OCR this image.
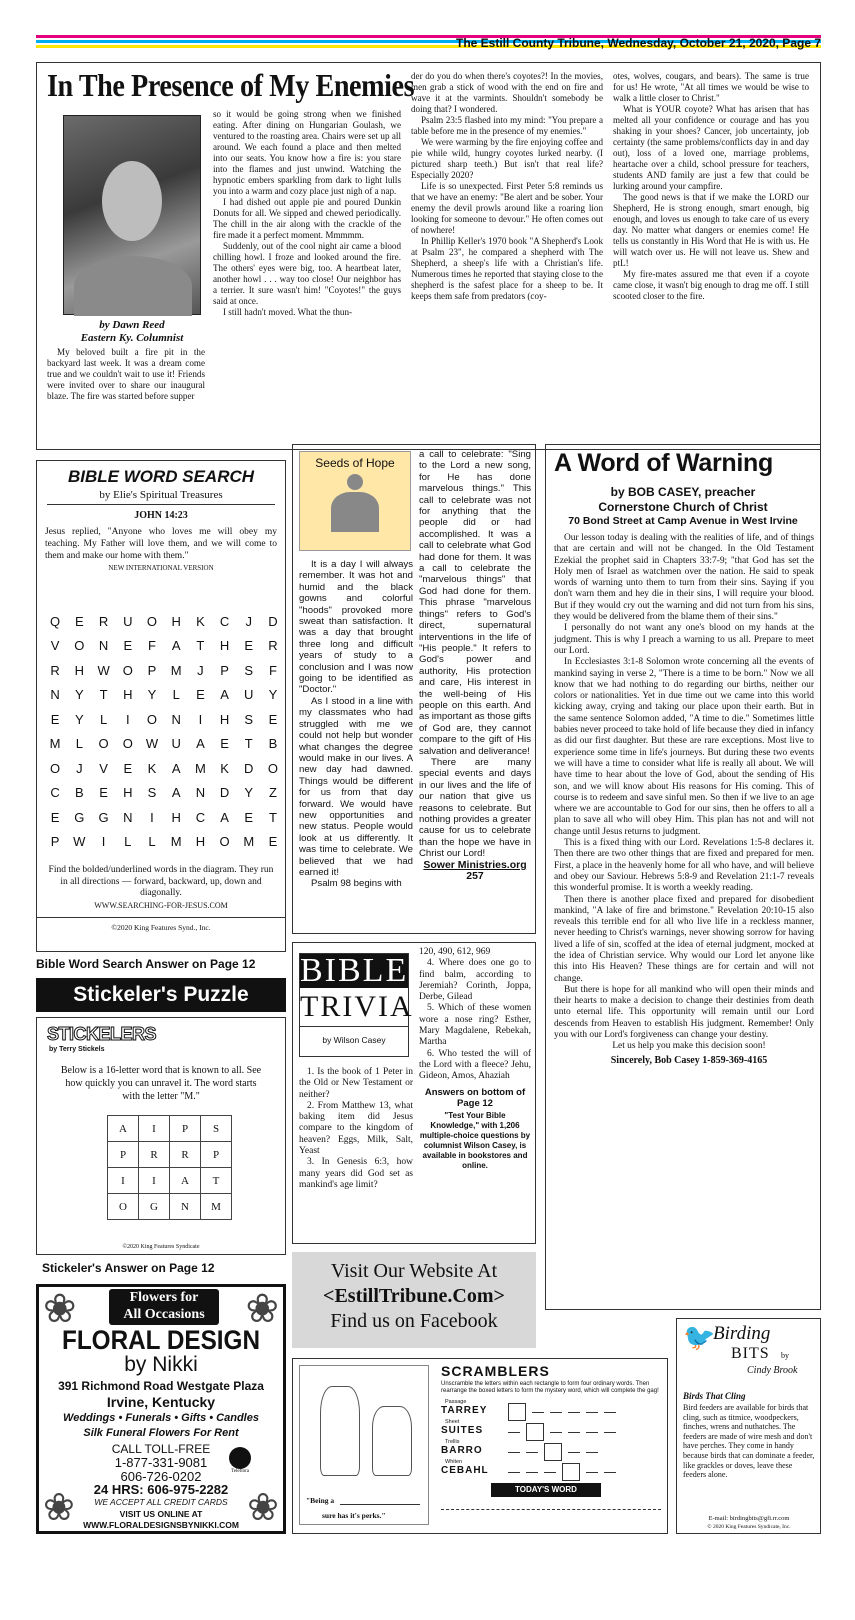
The Estill County Tribune, Wednesday, October 21, 2020, Page 7
In The Presence of My Enemies
by Dawn Reed
Eastern Ky. Columnist

My beloved built a fire pit in the backyard last week. It was a dream come true and we couldn't wait to use it! Friends were invited over to share our inaugural blaze. The fire was started before supper

so it would be going strong when we finished eating. After dining on Hungarian Goulash, we ventured to the roasting area. Chairs were set up all around. We each found a place and then melted into our seats. You know how a fire is: you stare into the flames and just unwind. Watching the hypnotic embers sparkling from dark to light lulls you into a warm and cozy place just nigh of a nap.

I had dished out apple pie and poured Dunkin Donuts for all. We sipped and chewed periodically. The chill in the air along with the crackle of the fire made it a perfect moment. Mmmmm.

Suddenly, out of the cool night air came a blood chilling howl. I froze and looked around the fire. The others' eyes were big, too. A heartbeat later, another howl . . . way too close! Our neighbor has a terrier. It sure wasn't him! "Coyotes!" the guys said at once.

I still hadn't moved. What the thun-

der do you do when there's coyotes?! In the movies, men grab a stick of wood with the end on fire and wave it at the varmints. Shouldn't somebody be doing that? I wondered.

Psalm 23:5 flashed into my mind: "You prepare a table before me in the presence of my enemies."

We were warming by the fire enjoying coffee and pie while wild, hungry coyotes lurked nearby. (I pictured sharp teeth.) But isn't that real life? Especially 2020?

Life is so unexpected. First Peter 5:8 reminds us that we have an enemy: "Be alert and be sober. Your enemy the devil prowls around like a roaring lion looking for someone to devour." He often comes out of nowhere!

In Phillip Keller's 1970 book "A Shepherd's Look at Psalm 23", he compared a shepherd with The Shepherd, a sheep's life with a Christian's life. Numerous times he reported that staying close to the shepherd is the safest place for a sheep to be. It keeps them safe from predators (coy-

otes, wolves, cougars, and bears). The same is true for us! He wrote, "At all times we would be wise to walk a little closer to Christ."

What is YOUR coyote? What has arisen that has melted all your confidence or courage and has you shaking in your shoes? Cancer, job uncertainty, job certainty (the same problems/conflicts day in and day out), loss of a loved one, marriage problems, heartache over a child, school pressure for teachers, students AND family are just a few that could be lurking around your campfire.

The good news is that if we make the LORD our Shepherd, He is strong enough, smart enough, big enough, and loves us enough to take care of us every day. No matter what dangers or enemies come! He tells us constantly in His Word that He is with us. He will watch over us. He will not leave us. Shew and ptL!

My fire-mates assured me that even if a coyote came close, it wasn't big enough to drag me off. I still scooted closer to the fire.

BIBLE WORD SEARCH
by Elie's Spiritual Treasures
JOHN 14:23
Jesus replied, "Anyone who loves me will obey my teaching. My Father will love them, and we will come to them and make our home with them."
NEW INTERNATIONAL VERSION
Q	E	R	U	O	H	K	C	J	D
V	O	N	E	F	A	T	H	E	R
R	H	W	O	P	M	J	P	S	F
N	Y	T	H	Y	L	E	A	U	Y
E	Y	L	I	O	N	I	H	S	E
M	L	O	O	W	U	A	E	T	B
O	J	V	E	K	A	M	K	D	O
C	B	E	H	S	A	N	D	Y	Z
E	G	G	N	I	H	C	A	E	T
P	W	I	L	L	M	H	O	M	E
Find the bolded/underlined words in the diagram. They run in all directions — forward, backward, up, down and diagonally.
WWW.SEARCHING-FOR-JESUS.COM
©2020 King Features Synd., Inc.
Bible Word Search Answer on Page 12
Stickeler's Puzzle
STICKELERS
by Terry Stickels
Below is a 16-letter word that is known to all. See how quickly you can unravel it. The word starts with the letter "M."
A	I	P	S
P	R	R	P
I	I	A	T
O	G	N	M
©2020 King Features Syndicate
Stickeler's Answer on Page 12
Flowers for
All Occasions
❀	❀
FLORAL DESIGN
by Nikki
391 Richmond Road Westgate Plaza
Irvine, Kentucky
Weddings • Funerals • Gifts • Candles
Silk Funeral Flowers For Rent
CALL TOLL-FREE
1-877-331-9081
606-726-0202
24 HRS: 606-975-2282
WE ACCEPT ALL CREDIT CARDS
VISIT US ONLINE AT
WWW.FLORALDESIGNSBYNIKKI.COM
Teleflora
❀	❀
Seeds of Hope

It is a day I will always remember. It was hot and humid and the black gowns and colorful "hoods" provoked more sweat than satisfaction. It was a day that brought three long and difficult years of study to a conclusion and I was now going to be identified as "Doctor."

As I stood in a line with my classmates who had struggled with me we could not help but wonder what changes the degree would make in our lives. A new day had dawned. Things would be different for us from that day forward. We would have new opportunities and new status. People would look at us differently. It was time to celebrate. We believed that we had earned it!

Psalm 98 begins with

a call to celebrate: "Sing to the Lord a new song, for He has done marvelous things." This call to celebrate was not for anything that the people did or had accomplished. It was a call to celebrate what God had done for them. It was a call to celebrate the "marvelous things" that God had done for them. This phrase "marvelous things" refers to God's direct, supernatural interventions in the life of "His people." It refers to God's power and authority, His protection and care, His interest in the well-being of His people on this earth. And as important as those gifts of God are, they cannot compare to the gift of His salvation and deliverance!

There are many special events and days in our lives and the life of our nation that give us reasons to celebrate. But nothing provides a greater cause for us to celebrate than the hope we have in Christ our Lord!

Sower Ministries.org

257

BIBLE
TRIVIA
by Wilson Casey

1. Is the book of 1 Peter in the Old or New Testament or neither?

2. From Matthew 13, what baking item did Jesus compare to the kingdom of heaven? Eggs, Milk, Salt, Yeast

3. In Genesis 6:3, how many years did God set as mankind's age limit?

120, 490, 612, 969

4. Where does one go to find balm, according to Jeremiah? Corinth, Joppa, Derbe, Gilead

5. Which of these women wore a nose ring? Esther, Mary Magdalene, Rebekah, Martha

6. Who tested the will of the Lord with a fleece? Jehu, Gideon, Amos, Ahaziah

Answers on bottom of Page 12

"Test Your Bible Knowledge," with 1,206 multiple-choice questions by columnist Wilson Casey, is available in bookstores and online.

Visit Our Website At
<EstillTribune.Com>
Find us on Facebook
A Word of Warning
by BOB CASEY, preacher
Cornerstone Church of Christ
70 Bond Street at Camp Avenue in West Irvine

Our lesson today is dealing with the realities of life, and of things that are certain and will not be changed. In the Old Testament Ezekial the prophet said in Chapters 33:7-9; "that God has set the Holy men of Israel as watchmen over the nation. He said to speak words of warning unto them to turn from their sins. Saying if you don't warn them and hey die in their sins, I will require your blood. But if they would cry out the warning and did not turn from his sins, they would be delivered from the blame them of their sins."

I personally do not want any one's blood on my hands at the judgment. This is why I preach a warning to us all. Prepare to meet our Lord.

In Ecclesiastes 3:1-8 Solomon wrote concerning all the events of mankind saying in verse 2, "There is a time to be born." Now we all know that we had nothing to do regarding our births, neither our colors or nationalities. Yet in due time out we came into this world kicking away, crying and taking our place upon their earth. But in the same sentence Solomon added, "A time to die." Sometimes little babies never proceed to take hold of life because they died in infancy as did our first daughter. But these are rare exceptions. Most live to experience some time in life's journeys. But during these two events we will have a time to consider what life is really all about. We will have time to hear about the love of God, about the sending of His son, and we will know about His reasons for His coming. This of course is to redeem and save sinful men. So then if we live to an age where we are accountable to God for our sins, then he offers to all a plan to save all who will obey Him. This plan has not and will not change until Jesus returns to judgment.

This is a fixed thing with our Lord. Revelations 1:5-8 declares it. Then there are two other things that are fixed and prepared for men. First, a place in the heavenly home for all who have, and will believe and obey our Saviour. Hebrews 5:8-9 and Revelation 21:1-7 reveals this wonderful promise. It is worth a weekly reading.

Then there is another place fixed and prepared for disobedient mankind, "A lake of fire and brimstone." Revelation 20:10-15 also reveals this terrible end for all who live life in a reckless manner, never heeding to Christ's warnings, never showing sorrow for having lived a life of sin, scoffed at the idea of eternal judgment, mocked at the idea of Christian service. Why would our Lord let anyone like this into His Heaven? These things are for certain and will not change.

But there is hope for all mankind who will open their minds and their hearts to make a decision to change their destinies from death unto eternal life. This opportunity will remain until our Lord descends from Heaven to establish His judgment. Remember! Only you with our Lord's forgiveness can change your destiny.

Let us help you make this decision soon!

Sincerely, Bob Casey 1-859-369-4165

"Being a
sure has it's perks."
SCRAMBLERS
Unscramble the letters within each rectangle to form four ordinary words. Then rearrange the boxed letters to form the mystery word, which will complete the gag!
Passage
TARREY
Sheet
SUITES
Trellis
BARRO
Whiten
CEBAHL
TODAY'S WORD
🐦
Birding
BITS by
Cindy Brook
Birds That Cling
Bird feeders are available for birds that cling, such as titmice, woodpeckers, finches, wrens and nuthatches. The feeders are made of wire mesh and don't have perches. They come in handy because birds that can dominate a feeder, like grackles or doves, leave these feeders alone.
E-mail: birdingbits@gfi.rr.com
© 2020 King Features Syndicate, Inc.
